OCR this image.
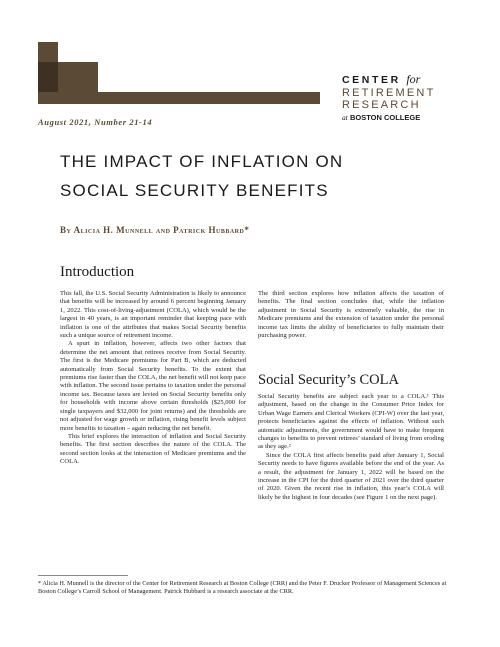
CENTER for
RETIREMENT
RESEARCH
at BOSTON COLLEGE
August 2021, Number 21-14
THE IMPACT OF INFLATION ON
SOCIAL SECURITY BENEFITS
By Alicia H. Munnell and Patrick Hubbard*
Introduction

This fall, the U.S. Social Security Administration is likely to announce that benefits will be increased by around 6 percent beginning January 1, 2022. This cost-of-living-adjustment (COLA), which would be the largest in 40 years, is an important reminder that keeping pace with inflation is one of the attributes that makes Social Security benefits such a unique source of retirement income.

A spurt in inflation, however, affects two other factors that determine the net amount that retirees receive from Social Security. The first is the Medicare premiums for Part B, which are deducted automatically from Social Security benefits. To the extent that premiums rise faster than the COLA, the net benefit will not keep pace with inflation. The second issue pertains to taxation under the personal income tax. Because taxes are levied on Social Security benefits only for households with income above certain thresholds ($25,000 for single taxpayers and $32,000 for joint returns) and the thresholds are not adjusted for wage growth or inflation, rising benefit levels subject more benefits to taxation – again reducing the net benefit.

This brief explores the interaction of inflation and Social Security benefits. The first section describes the nature of the COLA. The second section looks at the interaction of Medicare premiums and the COLA.

The third section explores how inflation affects the taxation of benefits. The final section concludes that, while the inflation adjustment in Social Security is extremely valuable, the rise in Medicare premiums and the extension of taxation under the personal income tax limits the ability of beneficiaries to fully maintain their purchasing power.

Social Security’s COLA

Social Security benefits are subject each year to a COLA.¹ This adjustment, based on the change in the Consumer Price Index for Urban Wage Earners and Clerical Workers (CPI-W) over the last year, protects beneficiaries against the effects of inflation. Without such automatic adjustments, the government would have to make frequent changes to benefits to prevent retirees’ standard of living from eroding as they age.²

Since the COLA first affects benefits paid after January 1, Social Security needs to have figures available before the end of the year. As a result, the adjustment for January 1, 2022 will be based on the increase in the CPI for the third quarter of 2021 over the third quarter of 2020. Given the recent rise in inflation, this year’s COLA will likely be the highest in four decades (see Figure 1 on the next page).

* Alicia H. Munnell is the director of the Center for Retirement Research at Boston College (CRR) and the Peter F. Drucker Professor of Management Sciences at Boston College’s Carroll School of Management. Patrick Hubbard is a research associate at the CRR.
